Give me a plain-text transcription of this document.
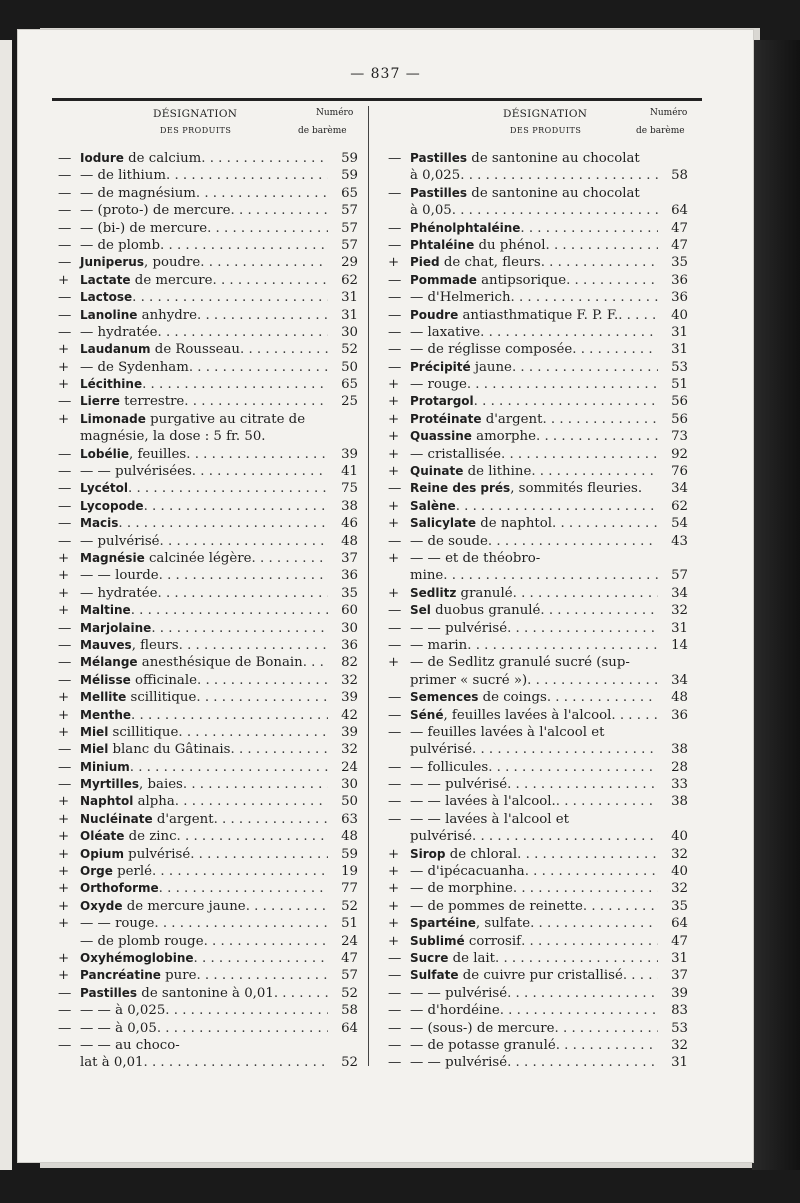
— 837 —
DÉSIGNATION
DES PRODUITS
Numéro
de barème
— Iodure de calcium . . .	59
— — de lithium . . .	59
— — de magnésium . . .	65
— — (proto-) de mercure . . .	57
— — (bi-) de mercure . . .	57
— — de plomb . . .	57
— Juniperus, poudre . . .	29
+ Lactate de mercure . . .	62
— Lactose . . .	31
— Lanoline anhydre . . .	31
— — hydratée . . .	30
+ Laudanum de Rousseau . . .	52
+ — de Sydenham . . .	50
+ Lécithine . . .	65
— Lierre terrestre . . .	25
+ Limonade purgative au citrate de
magnésie, la dose : 5 fr. 50.
— Lobélie, feuilles . . .	39
— — — pulvérisées . . .	41
— Lycétol . . .	75
— Lycopode . . .	38
— Macis . . .	46
— — pulvérisé . . .	48
+ Magnésie calcinée légère . . .	37
+ — — lourde . . .	36
+ — hydratée . . .	35
+ Maltine . . .	60
— Marjolaine . . .	30
— Mauves, fleurs . . .	36
— Mélange anesthésique de Bonain . . .	82
— Mélisse officinale . . .	32
+ Mellite scillitique . . .	39
+ Menthe . . .	42
+ Miel scillitique . . .	39
— Miel blanc du Gâtinais . . .	32
— Minium . . .	24
— Myrtilles, baies . . .	30
+ Naphtol alpha . . .	50
+ Nucléinate d'argent . . .	63
+ Oléate de zinc . . .	48
+ Opium pulvérisé . . .	59
+ Orge perlé . . .	19
+ Orthoforme . . .	77
+ Oxyde de mercure jaune . . .	52
+ — — rouge . . .	51
— de plomb rouge . . .	24
+ Oxyhémoglobine . . .	47
+ Pancréatine pure . . .	57
— Pastilles de santonine à 0,01 . . .	52
— — — à 0,025 . . .	58
— — — à 0,05 . . .	64
— — — au choco-
lat à 0,01 . . .	52
DÉSIGNATION
DES PRODUITS
Numéro
de barème
— Pastilles de santonine au chocolat
à 0,025 . . .	58
— Pastilles de santonine au chocolat
à 0,05 . . .	64
— Phénolphtaléine . . .	47
— Phtaléine du phénol . . .	47
+ Pied de chat, fleurs . . .	35
— Pommade antipsorique . . .	36
— — d'Helmerich . . .	36
— Poudre antiasthmatique F. P. F. . . .	40
— — laxative . . .	31
— — de réglisse composée . . .	31
— Précipité jaune . . .	53
+ — rouge . . .	51
+ Protargol . . .	56
+ Protéinate d'argent . . .	56
+ Quassine amorphe . . .	73
+ — cristallisée . . .	92
+ Quinate de lithine . . .	76
— Reine des prés, sommités fleuries.	34
+ Salène . . .	62
+ Salicylate de naphtol . . .	54
— — de soude . . .	43
+ — — et de théobro-
mine . . .	57
+ Sedlitz granulé . . .	34
— Sel duobus granulé . . .	32
— — — pulvérisé . . .	31
— — marin . . .	14
+ — de Sedlitz granulé sucré (sup-
primer « sucré ») . . .	34
— Semences de coings . . .	48
— Séné, feuilles lavées à l'alcool . . .	36
— — feuilles lavées à l'alcool et
pulvérisé . . .	38
— — follicules . . .	28
— — — pulvérisé . . .	33
— — — lavées à l'alcool. . . .	38
— — — lavées à l'alcool et
pulvérisé . . .	40
+ Sirop de chloral . . .	32
+ — d'ipécacuanha . . .	40
+ — de morphine . . .	32
+ — de pommes de reinette . . .	35
+ Spartéine, sulfate . . .	64
+ Sublimé corrosif . . .	47
— Sucre de lait . . .	31
— Sulfate de cuivre pur cristallisé . . .	37
— — — pulvérisé . . .	39
— — d'hordéine . . .	83
— — (sous-) de mercure . . .	53
— — de potasse granulé . . .	32
— — — pulvérisé . . .	31
